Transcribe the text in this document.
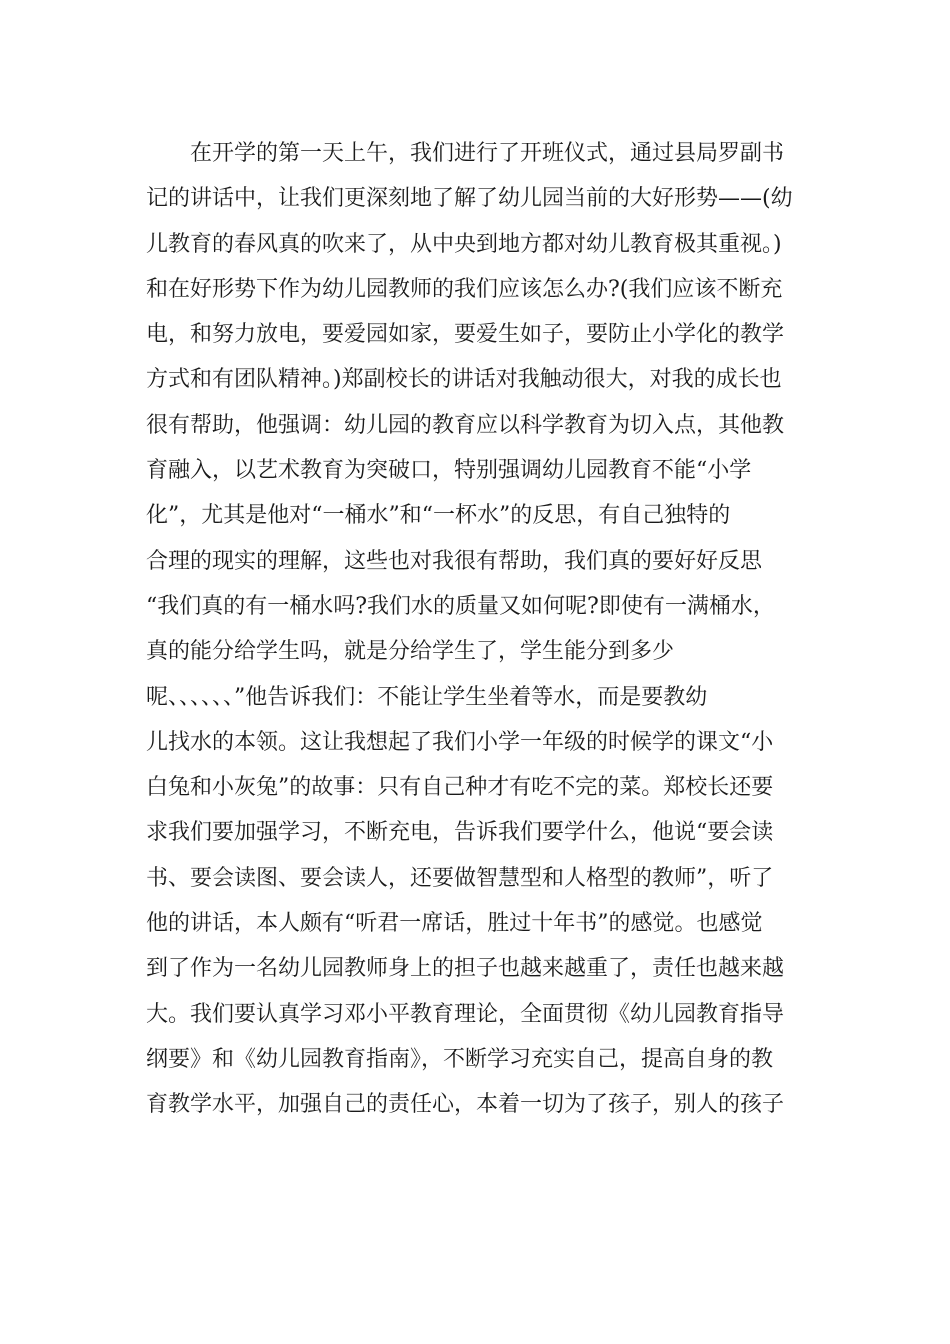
　　在开学的第一天上午，我们进行了开班仪式，通过县局罗副书
记的讲话中，让我们更深刻地了解了幼儿园当前的大好形势——(幼
儿教育的春风真的吹来了，从中央到地方都对幼儿教育极其重视。)
和在好形势下作为幼儿园教师的我们应该怎么办?(我们应该不断充
电，和努力放电，要爱园如家，要爱生如子，要防止小学化的教学
方式和有团队精神。)郑副校长的讲话对我触动很大，对我的成长也
很有帮助，他强调：幼儿园的教育应以科学教育为切入点，其他教
育融入，以艺术教育为突破口，特别强调幼儿园教育不能“小学
化”，尤其是他对“一桶水”和“一杯水”的反思，有自己独特的
合理的现实的理解，这些也对我很有帮助，我们真的要好好反思
“我们真的有一桶水吗?我们水的质量又如何呢?即使有一满桶水，
真的能分给学生吗，就是分给学生了，学生能分到多少
呢、、、、、、”他告诉我们：不能让学生坐着等水，而是要教幼
儿找水的本领。这让我想起了我们小学一年级的时候学的课文“小
白兔和小灰兔”的故事：只有自己种才有吃不完的菜。郑校长还要
求我们要加强学习，不断充电，告诉我们要学什么，他说“要会读
书、要会读图、要会读人，还要做智慧型和人格型的教师”，听了
他的讲话，本人颇有“听君一席话，胜过十年书”的感觉。也感觉
到了作为一名幼儿园教师身上的担子也越来越重了，责任也越来越
大。我们要认真学习邓小平教育理论，全面贯彻《幼儿园教育指导
纲要》和《幼儿园教育指南》，不断学习充实自己，提高自身的教
育教学水平，加强自己的责任心，本着一切为了孩子，别人的孩子
